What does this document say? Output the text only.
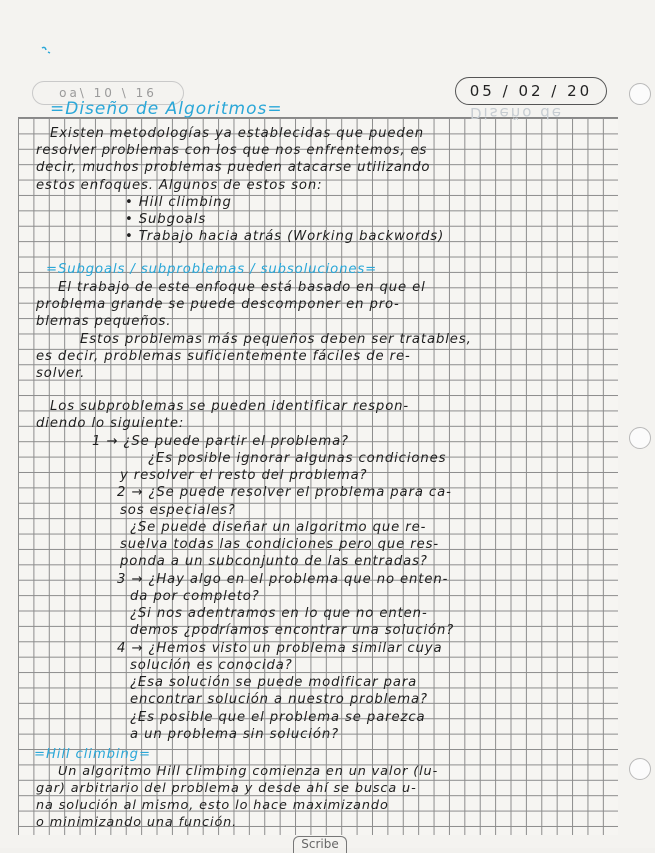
oa\ 10 \ 16	05 / 02 / 20
=Diseño de Algoritmos=	Diseño de
Existen metodologías ya establecidas que pueden
resolver problemas con los que nos enfrentemos, es
decir, muchos problemas pueden atacarse utilizando
estos enfoques. Algunos de estos son:
• Hill climbing
• Subgoals
• Trabajo hacia atrás (Working backwords)
=Subgoals / subproblemas / subsoluciones=
El trabajo de este enfoque está basado en que el
problema grande se puede descomponer en pro-
blemas pequeños.
Estos problemas más pequeños deben ser tratables,
es decir, problemas suficientemente fáciles de re-
solver.
Los subproblemas se pueden identificar respon-
diendo lo siguiente:
1 → ¿Se puede partir el problema?
¿Es posible ignorar algunas condiciones
y resolver el resto del problema?
2 → ¿Se puede resolver el problema para ca-
sos especiales?
¿Se puede diseñar un algoritmo que re-
suelva todas las condiciones pero que res-
ponda a un subconjunto de las entradas?
3 → ¿Hay algo en el problema que no enten-
da por completo?
¿Si nos adentramos en lo que no enten-
demos ¿podríamos encontrar una solución?
4 → ¿Hemos visto un problema similar cuya
solución es conocida?
¿Esa solución se puede modificar para
encontrar solución a nuestro problema?
¿Es posible que el problema se parezca
a un problema sin solución?
=Hill climbing=
Un algoritmo Hill climbing comienza en un valor (lu-
gar) arbitrario del problema y desde ahí se busca u-
na solución al mismo, esto lo hace maximizando
o minimizando una función.
Scribe
